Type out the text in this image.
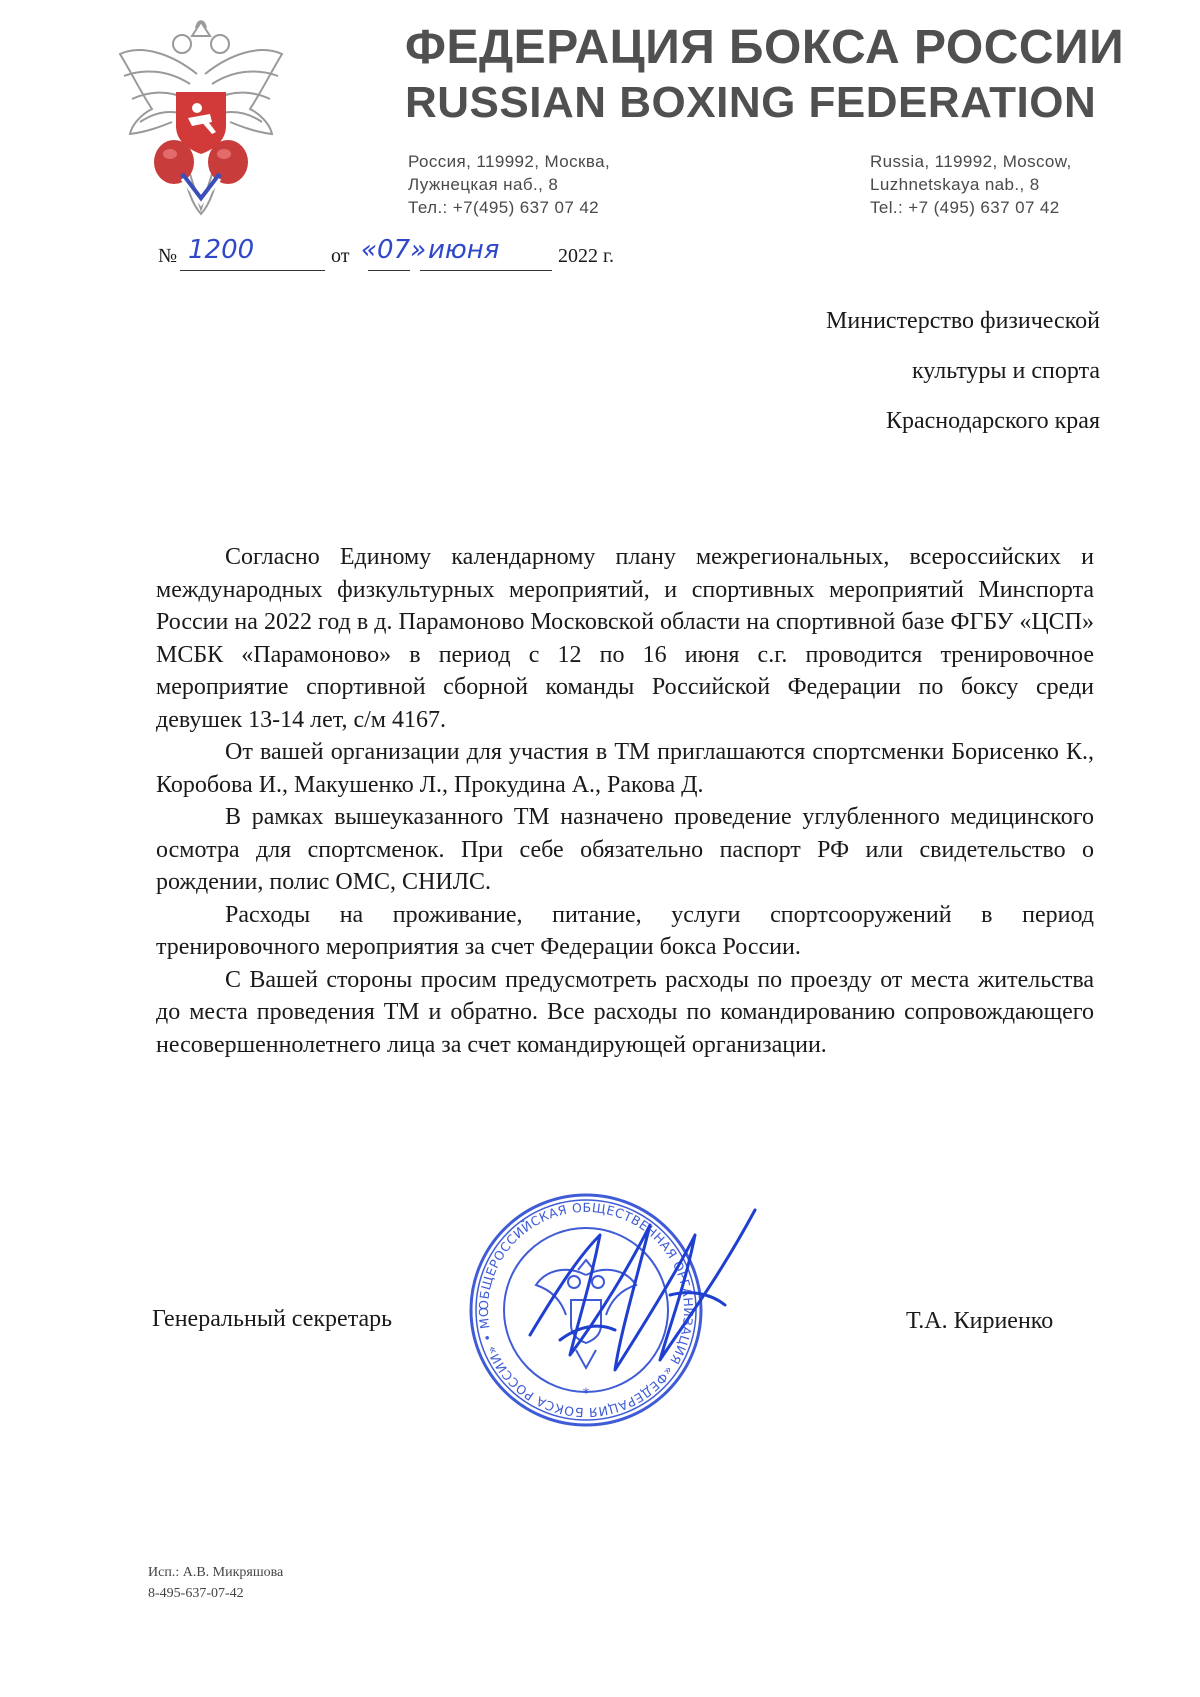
ФЕДЕРАЦИЯ БОКСА РОССИИ
RUSSIAN BOXING FEDERATION
Россия, 119992, Москва,
Лужнецкая наб., 8
Тел.: +7(495) 637 07 42
Russia, 119992, Moscow,
Luzhnetskaya nab., 8
Tel.: +7 (495) 637 07 42
№ 1200	от «07» июня	2022 г.
Министерство физической
культуры и спорта
Краснодарского края

Согласно Единому календарному плану межрегиональных, всероссийских и международных физкультурных мероприятий, и спортивных мероприятий Минспорта России на 2022 год в д. Парамоново Московской области на спортивной базе ФГБУ «ЦСП» МСБК «Парамоново» в период с 12 по 16 июня с.г. проводится тренировочное мероприятие спортивной сборной команды Российской Федерации по боксу среди девушек 13-14 лет, с/м 4167.

От вашей организации для участия в ТМ приглашаются спортсменки Борисенко К., Коробова И., Макушенко Л., Прокудина А., Ракова Д.

В рамках вышеуказанного ТМ назначено проведение углубленного медицинского осмотра для спортсменок. При себе обязательно паспорт РФ или свидетельство о рождении, полис ОМС, СНИЛС.

Расходы на проживание, питание, услуги спортсооружений в период тренировочного мероприятия за счет Федерации бокса России.

С Вашей стороны просим предусмотреть расходы по проезду от места жительства до места проведения ТМ и обратно. Все расходы по командированию сопровождающего несовершеннолетнего лица за счет командирующей организации.

Генеральный секретарь
ОБЩЕРОССИЙСКАЯ ОБЩЕСТВЕННАЯ ОРГАНИЗАЦИЯ «ФЕДЕРАЦИЯ БОКСА РОССИИ» • МО
*
Т.А. Кириенко
Исп.: А.В. Микряшова
8-495-637-07-42
